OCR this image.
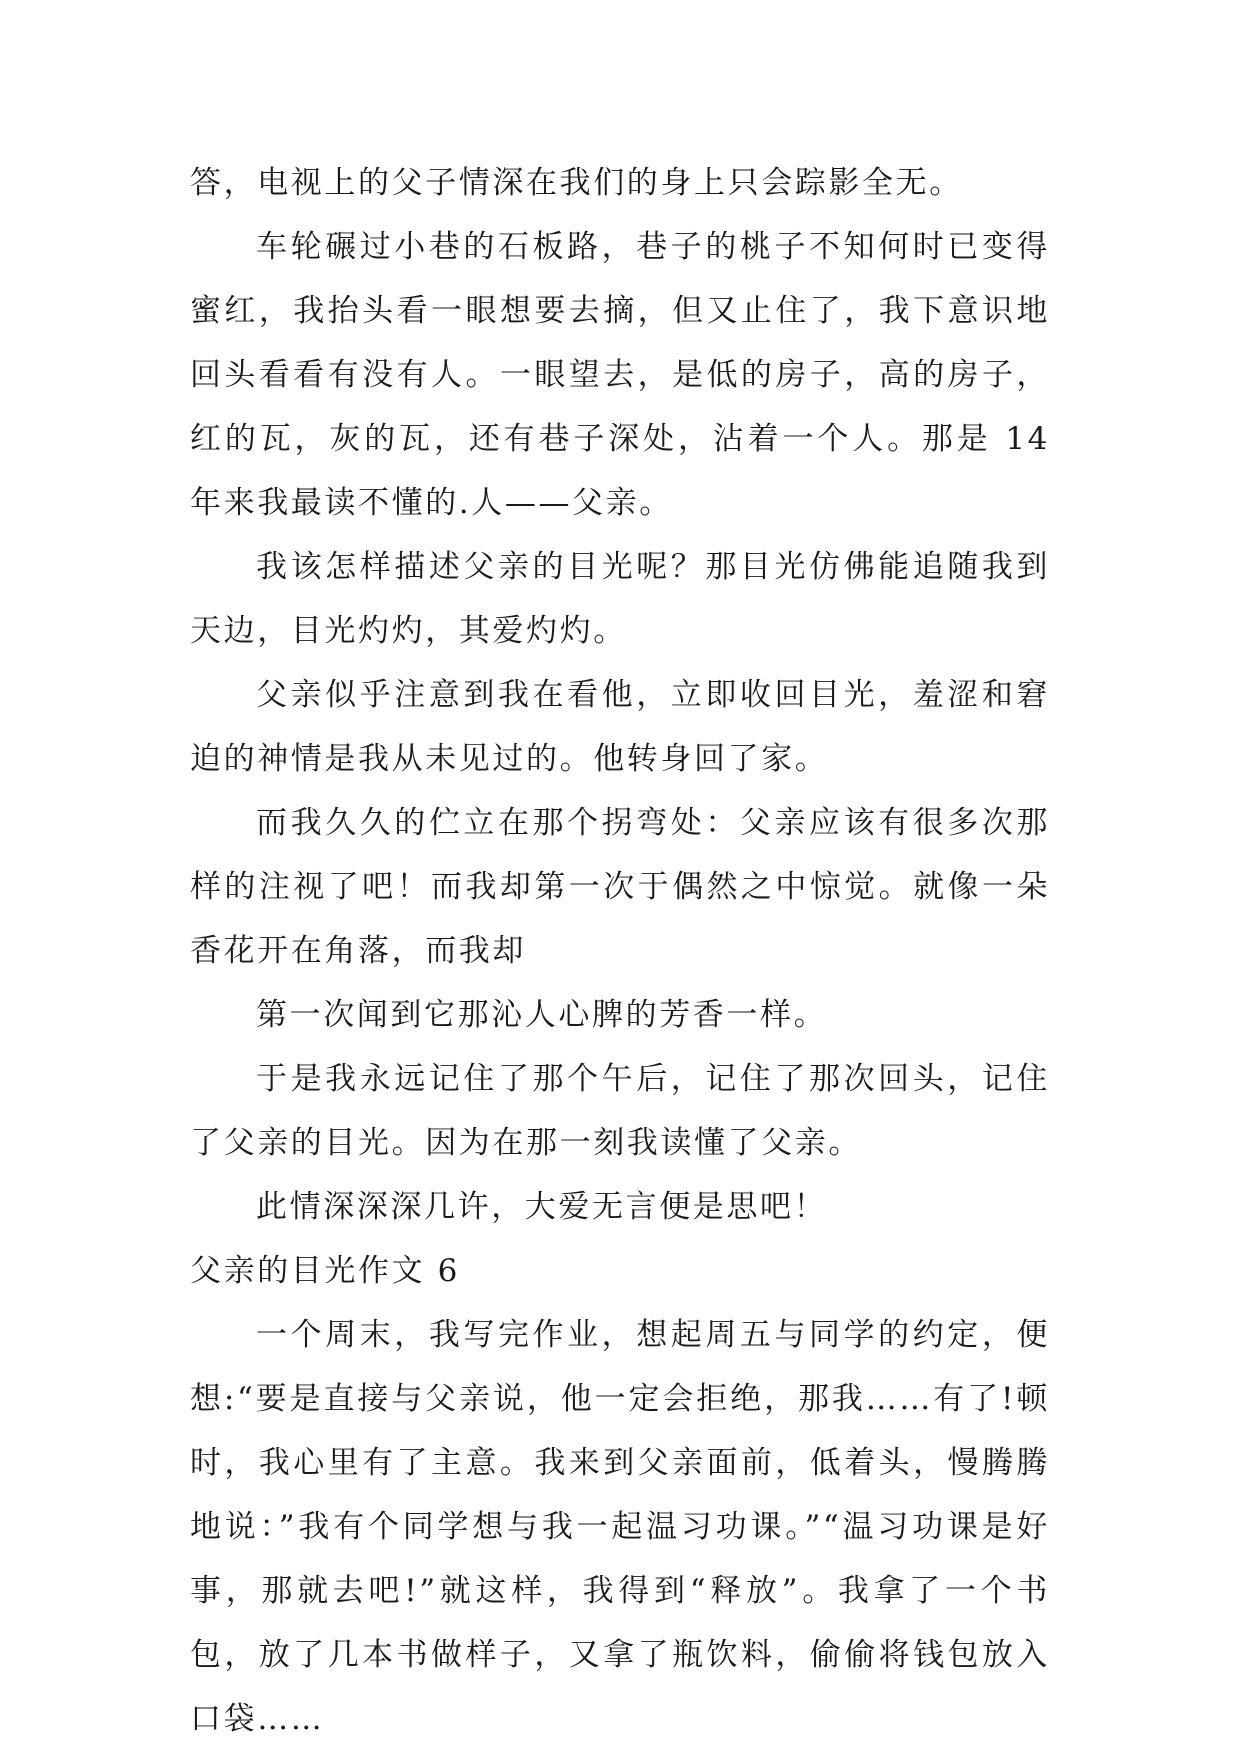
答，电视上的父子情深在我们的身上只会踪影全无。

车轮碾过小巷的石板路，巷子的桃子不知何时已变得蜜红，我抬头看一眼想要去摘，但又止住了，我下意识地回头看看有没有人。一眼望去，是低的房子，高的房子，红的瓦，灰的瓦，还有巷子深处，沾着一个人。那是 14 年来我最读不懂的.人——父亲。

我该怎样描述父亲的目光呢？那目光仿佛能追随我到天边，目光灼灼，其爱灼灼。

父亲似乎注意到我在看他，立即收回目光，羞涩和窘迫的神情是我从未见过的。他转身回了家。

而我久久的伫立在那个拐弯处：父亲应该有很多次那样的注视了吧！而我却第一次于偶然之中惊觉。就像一朵香花开在角落，而我却

第一次闻到它那沁人心脾的芳香一样。

于是我永远记住了那个午后，记住了那次回头，记住了父亲的目光。因为在那一刻我读懂了父亲。

此情深深深几许，大爱无言便是思吧！

父亲的目光作文 6

一个周末，我写完作业，想起周五与同学的约定，便想:“要是直接与父亲说，他一定会拒绝，那我……有了!顿时，我心里有了主意。我来到父亲面前，低着头，慢腾腾地说：”我有个同学想与我一起温习功课。”“温习功课是好事，那就去吧!”就这样，我得到“释放”。我拿了一个书包，放了几本书做样子，又拿了瓶饮料，偷偷将钱包放入口袋……
